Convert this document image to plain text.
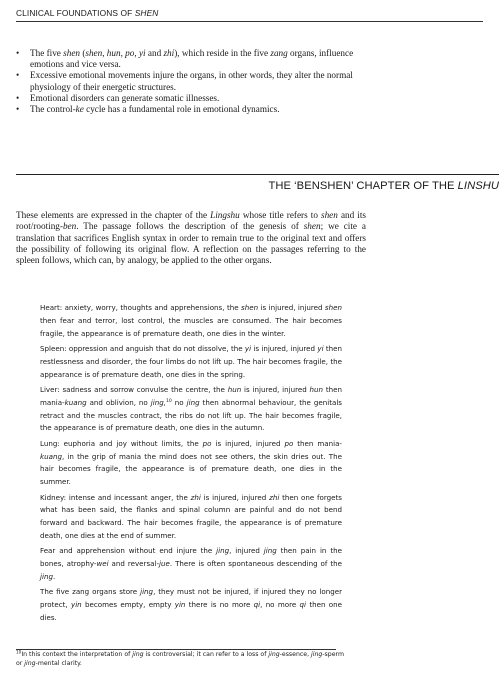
CLINICAL FOUNDATIONS OF SHEN
• The five shen (shen, hun, po, yi and zhi), which reside in the five zang organs, influence emotions and vice versa.
• Excessive emotional movements injure the organs, in other words, they alter the normal physiology of their energetic structures.
• Emotional disorders can generate somatic illnesses.
• The control-ke cycle has a fundamental role in emotional dynamics.
THE ‘BENSHEN’ CHAPTER OF THE LINSHU

These elements are expressed in the chapter of the Lingshu whose title refers to shen and its root/rooting-ben. The passage follows the description of the genesis of shen; we cite a translation that sacrifices English syntax in order to remain true to the original text and offers the possibility of following its original flow. A reflection on the passages referring to the spleen follows, which can, by analogy, be applied to the other organs.

Heart: anxiety, worry, thoughts and apprehensions, the shen is injured, injured shen then fear and terror, lost control, the muscles are consumed. The hair becomes fragile, the appearance is of premature death, one dies in the winter.

Spleen: oppression and anguish that do not dissolve, the yi is injured, injured yi then restlessness and disorder, the four limbs do not lift up. The hair becomes fragile, the appearance is of premature death, one dies in the spring.

Liver: sadness and sorrow convulse the centre, the hun is injured, injured hun then mania-kuang and oblivion, no jing,$^{10}$ no jing then abnormal behaviour, the genitals retract and the muscles contract, the ribs do not lift up. The hair becomes fragile, the appearance is of premature death, one dies in the autumn.

Lung: euphoria and joy without limits, the po is injured, injured po then mania-kuang, in the grip of mania the mind does not see others, the skin dries out. The hair becomes fragile, the appearance is of premature death, one dies in the summer.

Kidney: intense and incessant anger, the zhi is injured, injured zhi then one forgets what has been said, the flanks and spinal column are painful and do not bend forward and backward. The hair becomes fragile, the appearance is of premature death, one dies at the end of summer.

Fear and apprehension without end injure the jing, injured jing then pain in the bones, atrophy-wei and reversal-jue. There is often spontaneous descending of the jing.

The five zang organs store jing, they must not be injured, if injured they no longer protect, yin becomes empty, empty yin there is no more qi, no more qi then one dies.

$^{10}$In this context the interpretation of jing is controversial; it can refer to a loss of jing-essence, jing-sperm or jing-mental clarity.
